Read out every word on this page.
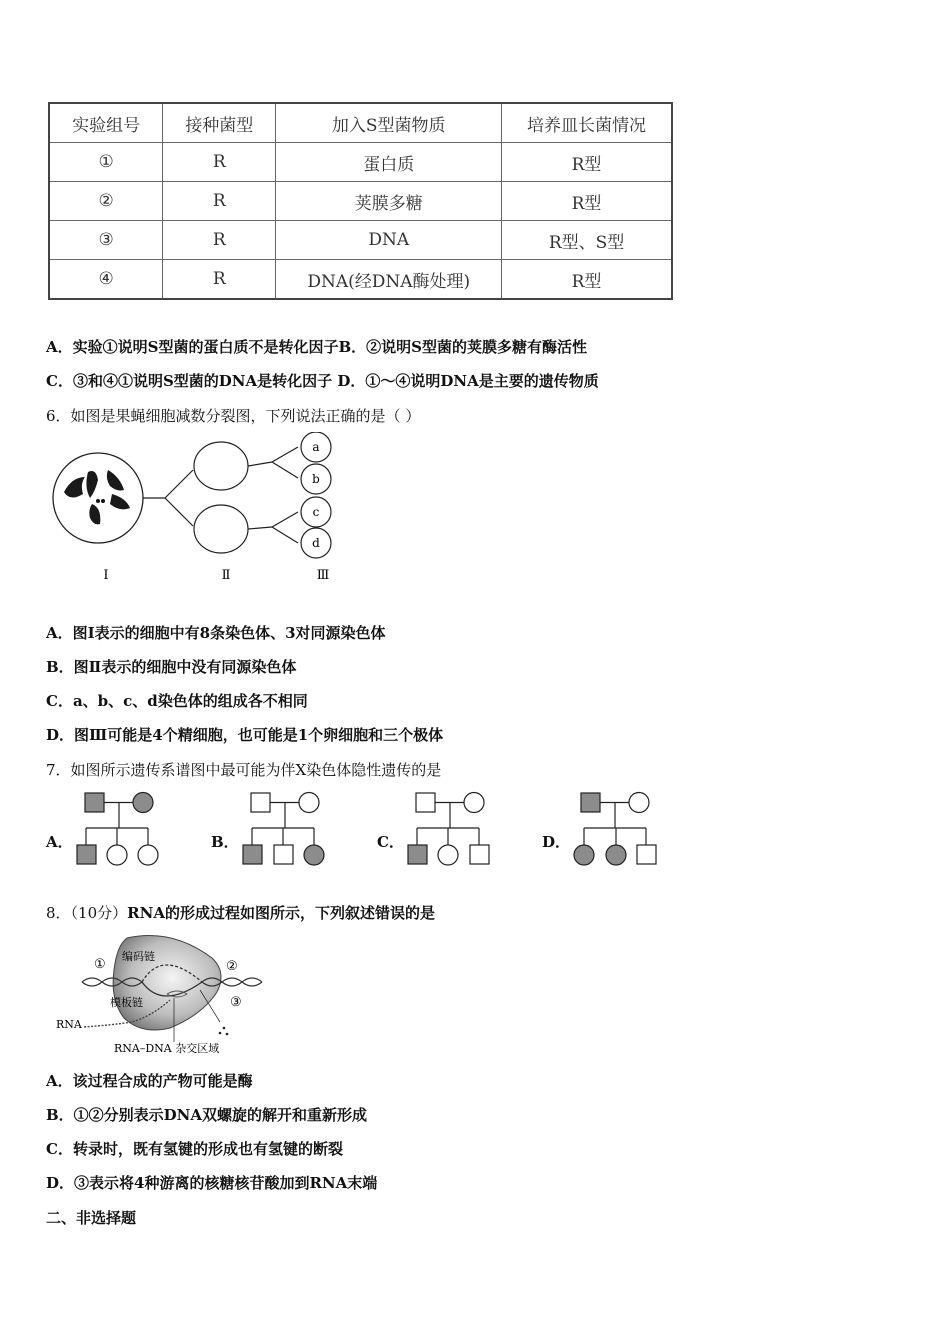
实验组号	接种菌型	加入S型菌物质	培养皿长菌情况
①	R	蛋白质	R型
②	R	荚膜多糖	R型
③	R	DNA	R型、S型
④	R	DNA(经DNA酶处理)	R型
A．实验①说明S型菌的蛋白质不是转化因子B．②说明S型菌的荚膜多糖有酶活性
C．③和④①说明S型菌的DNA是转化因子 D．①～④说明DNA是主要的遗传物质
6．如图是果蝇细胞减数分裂图，下列说法正确的是（ ）
a
b
c
d
Ⅰ	Ⅱ	Ⅲ
A．图Ⅰ表示的细胞中有8条染色体、3对同源染色体
B．图Ⅱ表示的细胞中没有同源染色体
C．a、b、c、d染色体的组成各不相同
D．图Ⅲ可能是4个精细胞，也可能是1个卵细胞和三个极体
7．如图所示遗传系谱图中最可能为伴X染色体隐性遗传的是
A．	B．	C．	D．
8．（10分）RNA的形成过程如图所示，下列叙述错误的是
编码链
模板链
RNA
RNA–DNA 杂交区域
①	②
③
A．该过程合成的产物可能是酶
B．①②分别表示DNA双螺旋的解开和重新形成
C．转录时，既有氢键的形成也有氢键的断裂
D．③表示将4种游离的核糖核苷酸加到RNA末端
二、非选择题
